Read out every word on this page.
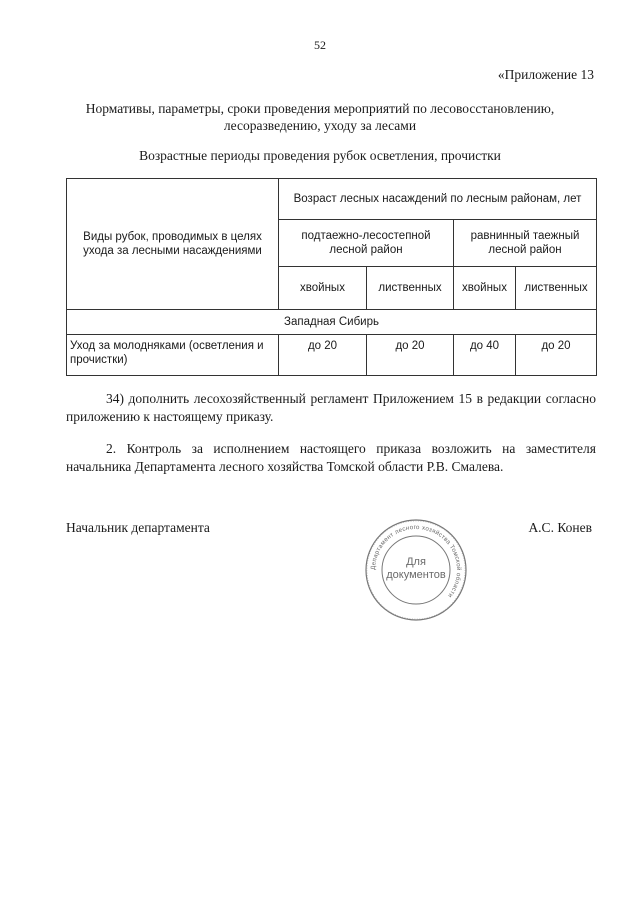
52
«Приложение 13
Нормативы, параметры, сроки проведения мероприятий по лесовосстановлению,
лесоразведению, уходу за лесами
Возрастные периоды проведения рубок осветления, прочистки
Виды рубок, проводимых в целях ухода за лесными насаждениями	Возраст лесных насаждений по лесным районам, лет			
	подтаежно-лесостепной лесной район		равнинный таежный лесной район	
	хвойных	лиственных	хвойных	лиственных
Западная Сибирь				
Уход за молодняками (осветления и прочистки)	до 20	до 20	до 40	до 20
34) дополнить лесохозяйственный регламент Приложением 15 в редакции согласно приложению к настоящему приказу.
2. Контроль за исполнением настоящего приказа возложить на заместителя начальника Департамента лесного хозяйства Томской области Р.В. Смалева.
Начальник департамента	А.С. Конев
Департамент лесного хозяйства Томской области
Для
документов
